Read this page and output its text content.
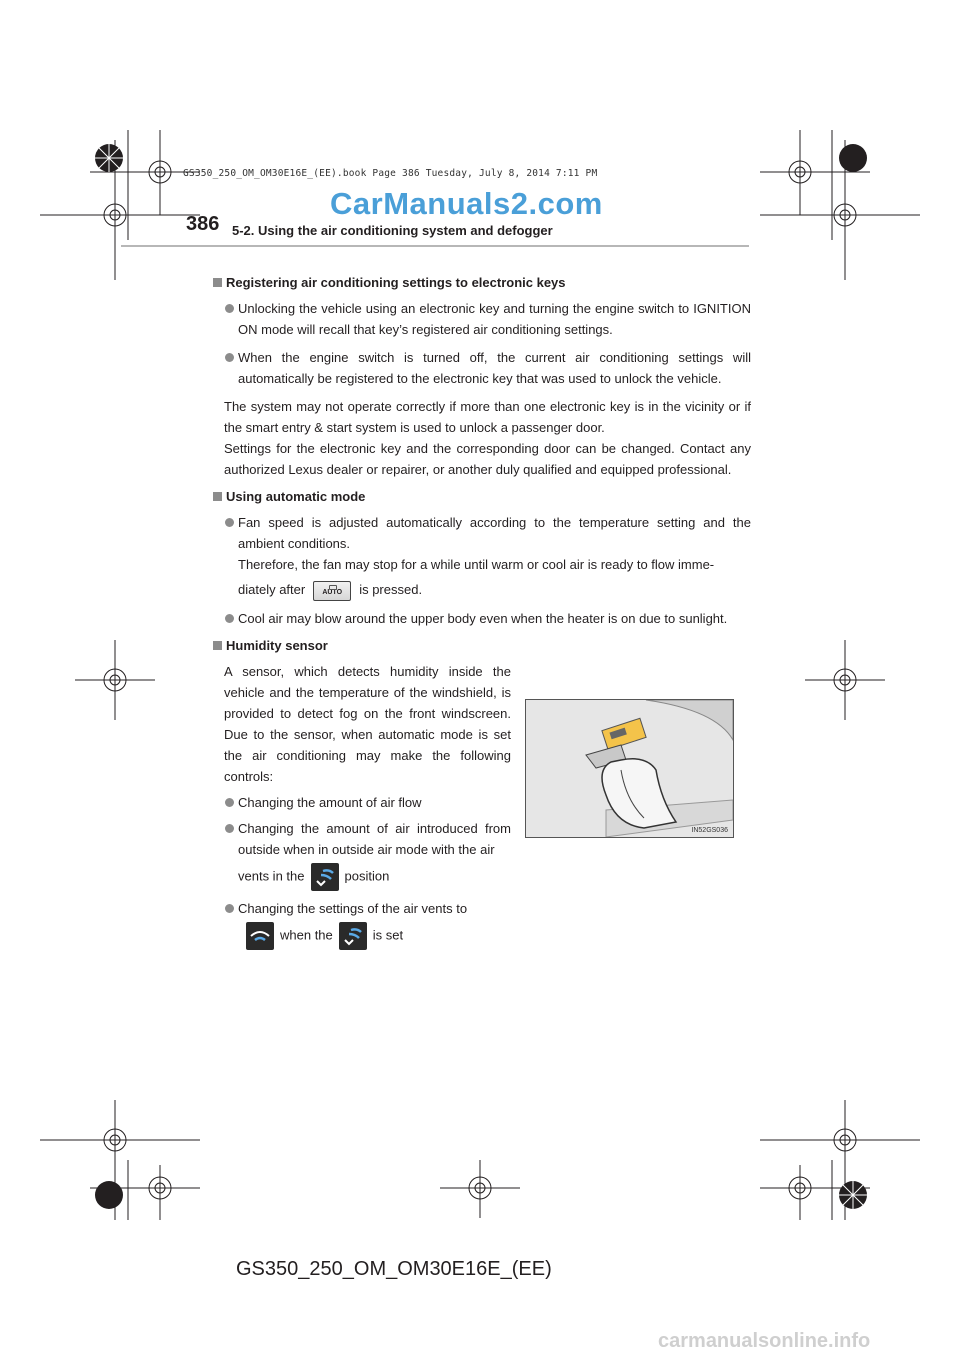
GS350_250_OM_OM30E16E_(EE).book Page 386 Tuesday, July 8, 2014 7:11 PM
CarManuals2.com
386 5-2. Using the air conditioning system and defogger
Registering air conditioning settings to electronic keys
Unlocking the vehicle using an electronic key and turning the engine switch to IGNITION ON mode will recall that key’s registered air conditioning settings.
When the engine switch is turned off, the current air conditioning settings will automatically be registered to the electronic key that was used to unlock the vehicle.
The system may not operate correctly if more than one electronic key is in the vicinity or if the smart entry & start system is used to unlock a passenger door.
Settings for the electronic key and the corresponding door can be changed. Contact any authorized Lexus dealer or repairer, or another duly qualified and equipped professional.
Using automatic mode
Fan speed is adjusted automatically according to the temperature setting and the ambient conditions.
Therefore, the fan may stop for a while until warm or cool air is ready to flow imme-
diately after AUTO is pressed.
Cool air may blow around the upper body even when the heater is on due to sunlight.
Humidity sensor
A sensor, which detects humidity inside the vehicle and the temperature of the windshield, is provided to detect fog on the front windscreen. Due to the sensor, when automatic mode is set the air conditioning may make the following controls:
Changing the amount of air flow
Changing the amount of air introduced from outside when in outside air mode with the air
vents in the	position
Changing the settings of the air vents to
when the	is set
IN52GS036
GS350_250_OM_OM30E16E_(EE)
carmanualsonline.info
